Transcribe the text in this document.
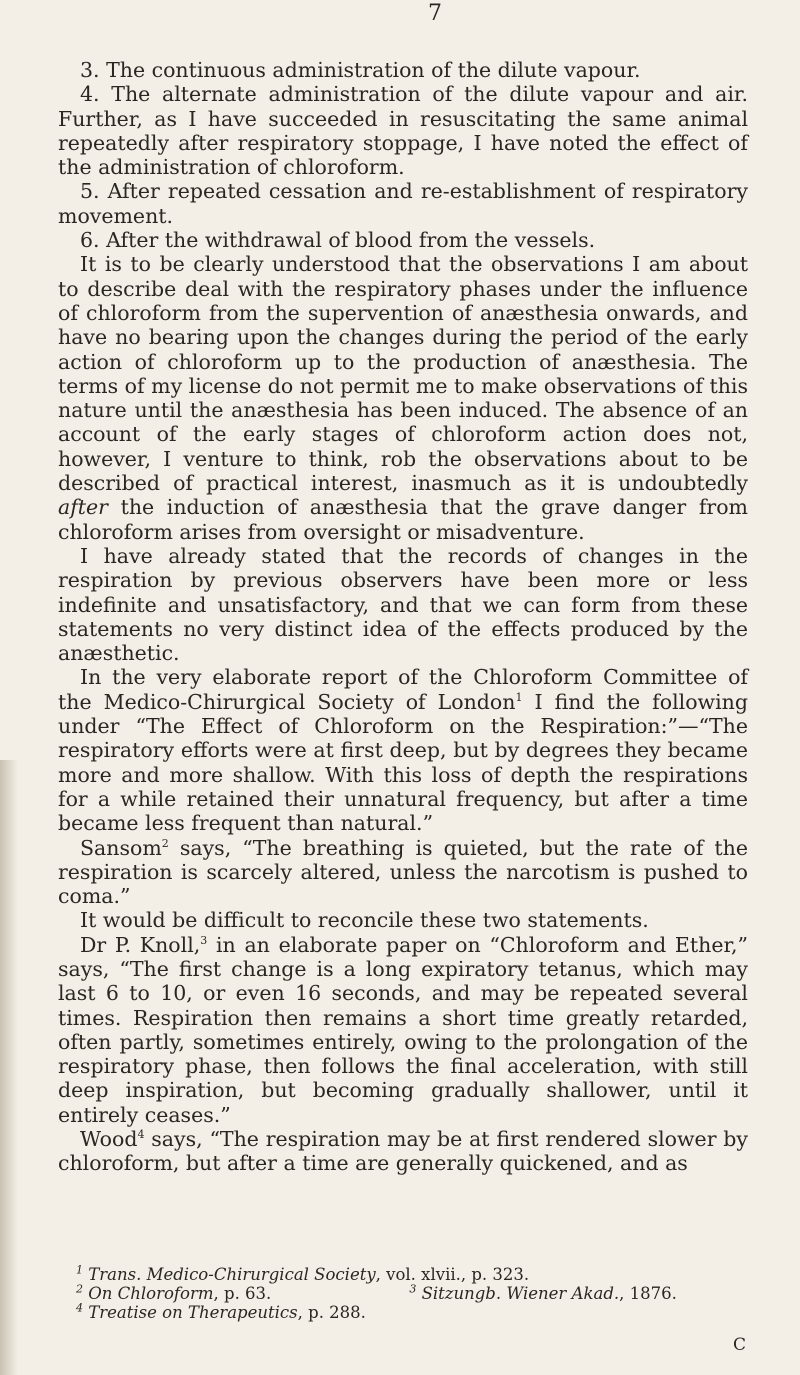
7

3. The continuous administration of the dilute vapour.

4. The alternate administration of the dilute vapour and air. Further, as I have succeeded in resuscitating the same animal repeatedly after respiratory stoppage, I have noted the effect of the administration of chloroform.

5. After repeated cessation and re-establishment of respiratory movement.

6. After the withdrawal of blood from the vessels.

It is to be clearly understood that the observations I am about to describe deal with the respiratory phases under the influence of chloroform from the supervention of anæsthesia onwards, and have no bearing upon the changes during the period of the early action of chloroform up to the production of anæsthesia. The terms of my license do not permit me to make observations of this nature until the anæsthesia has been induced. The absence of an account of the early stages of chloroform action does not, however, I venture to think, rob the observations about to be described of practical interest, inasmuch as it is undoubtedly after the induction of anæsthesia that the grave danger from chloroform arises from oversight or misadventure.

I have already stated that the records of changes in the respiration by previous observers have been more or less indefinite and unsatisfactory, and that we can form from these statements no very distinct idea of the effects produced by the anæsthetic.

In the very elaborate report of the Chloroform Committee of the Medico-Chirurgical Society of London$^1$ I find the following under “The Effect of Chloroform on the Respiration:”—“The respiratory efforts were at first deep, but by degrees they became more and more shallow. With this loss of depth the respirations for a while retained their unnatural frequency, but after a time became less frequent than natural.”

Sansom$^2$ says, “The breathing is quieted, but the rate of the respiration is scarcely altered, unless the narcotism is pushed to coma.”

It would be difficult to reconcile these two statements.

Dr P. Knoll,$^3$ in an elaborate paper on “Chloroform and Ether,” says, “The first change is a long expiratory tetanus, which may last 6 to 10, or even 16 seconds, and may be repeated several times. Respiration then remains a short time greatly retarded, often partly, sometimes entirely, owing to the prolongation of the respiratory phase, then follows the final acceleration, with still deep inspiration, but becoming gradually shallower, until it entirely ceases.”

Wood$^4$ says, “The respiration may be at first rendered slower by chloroform, but after a time are generally quickened, and as

$^1$ Trans. Medico-Chirurgical Society, vol. xlvii., p. 323.
$^2$ On Chloroform, p. 63.	$^3$ Sitzungb. Wiener Akad., 1876.
$^4$ Treatise on Therapeutics, p. 288.
C
